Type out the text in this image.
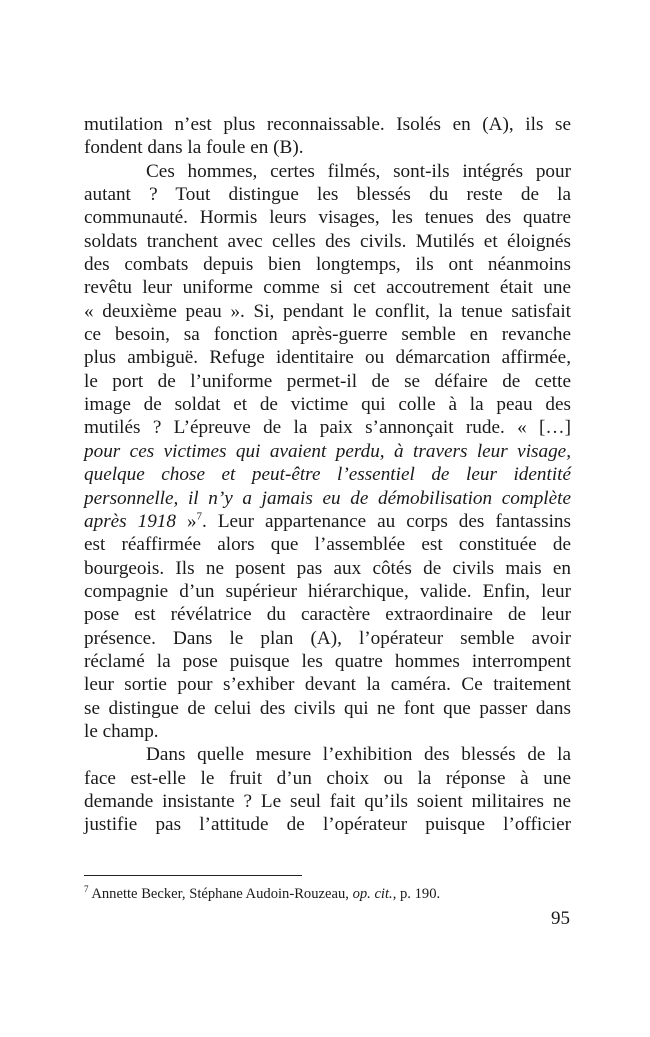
mutilation n’est plus reconnaissable. Isolés en (A), ils se
fondent dans la foule en (B).
Ces hommes, certes filmés, sont-ils intégrés pour
autant ? Tout distingue les blessés du reste de la
communauté. Hormis leurs visages, les tenues des quatre
soldats tranchent avec celles des civils. Mutilés et éloignés
des combats depuis bien longtemps, ils ont néanmoins
revêtu leur uniforme comme si cet accoutrement était une
« deuxième peau ». Si, pendant le conflit, la tenue satisfait
ce besoin, sa fonction après-guerre semble en revanche
plus ambiguë. Refuge identitaire ou démarcation affirmée,
le port de l’uniforme permet-il de se défaire de cette
image de soldat et de victime qui colle à la peau des
mutilés ? L’épreuve de la paix s’annonçait rude. « […]
pour ces victimes qui avaient perdu, à travers leur visage,
quelque chose et peut-être l’essentiel de leur identité
personnelle, il n’y a jamais eu de démobilisation complète
après 1918 »$^7$. Leur appartenance au corps des fantassins
est réaffirmée alors que l’assemblée est constituée de
bourgeois. Ils ne posent pas aux côtés de civils mais en
compagnie d’un supérieur hiérarchique, valide. Enfin, leur
pose est révélatrice du caractère extraordinaire de leur
présence. Dans le plan (A), l’opérateur semble avoir
réclamé la pose puisque les quatre hommes interrompent
leur sortie pour s’exhiber devant la caméra. Ce traitement
se distingue de celui des civils qui ne font que passer dans
le champ.
Dans quelle mesure l’exhibition des blessés de la
face est-elle le fruit d’un choix ou la réponse à une
demande insistante ? Le seul fait qu’ils soient militaires ne
justifie pas l’attitude de l’opérateur puisque l’officier
$^7$ Annette Becker, Stéphane Audoin-Rouzeau, op. cit., p. 190.
95
